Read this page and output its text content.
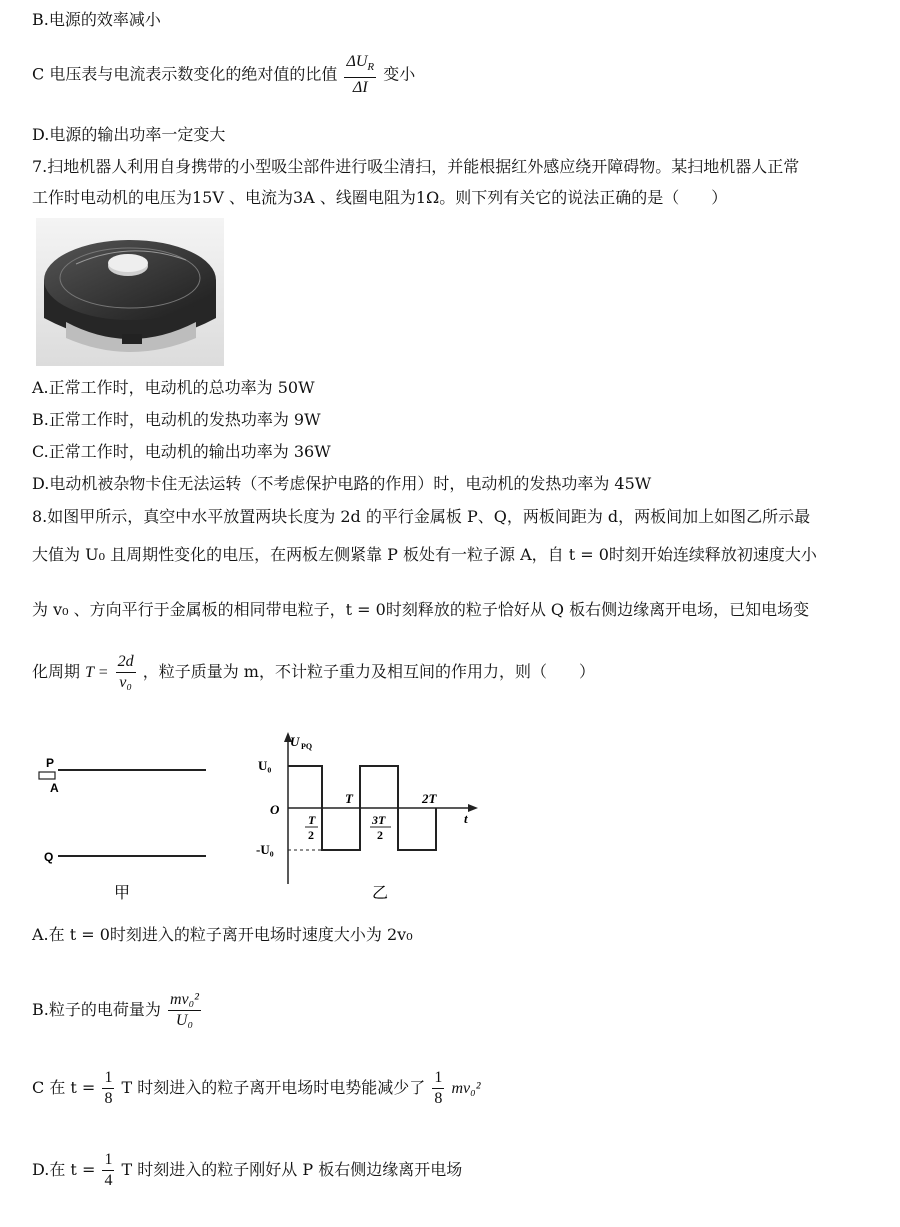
B.电源的效率减小
C 电压表与电流表示数变化的绝对值的比值 $\frac{\Delta U_R}{\Delta I}$ 变小
D.电源的输出功率一定变大
7.扫地机器人利用自身携带的小型吸尘部件进行吸尘清扫，并能根据红外感应绕开障碍物。某扫地机器人正常
工作时电动机的电压为15V 、电流为3A 、线圈电阻为1Ω。则下列有关它的说法正确的是（　　）
A.正常工作时，电动机的总功率为 50W
B.正常工作时，电动机的发热功率为 9W
C.正常工作时，电动机的输出功率为 36W
D.电动机被杂物卡住无法运转（不考虑保护电路的作用）时，电动机的发热功率为 45W
8.如图甲所示，真空中水平放置两块长度为 2d 的平行金属板 P、Q，两板间距为 d，两板间加上如图乙所示最
大值为 U₀ 且周期性变化的电压，在两板左侧紧靠 P 板处有一粒子源 A，自 t = 0时刻开始连续释放初速度大小
为 v₀ 、方向平行于金属板的相同带电粒子，t = 0时刻释放的粒子恰好从 Q 板右侧边缘离开电场，已知电场变
化周期 $T = \frac{2d}{\text{v₀}}$ ，粒子质量为 m，不计粒子重力及相互间的作用力，则（　　）
P
A
Q
甲
U PQ
U₀
-U₀
O
T	2T
t
T
2
3T
2
乙
A.在 t = 0时刻进入的粒子离开电场时速度大小为 2v₀
B.粒子的电荷量为 $\frac{\text{mv₀²}}{\text{U₀}}$
C 在 $t = \frac{1}{8}$ T 时刻进入的粒子离开电场时电势能减少了 $\frac{1}{8} mv_0^2$
D.在 $t = \frac{1}{4}$ T 时刻进入的粒子刚好从 P 板右侧边缘离开电场
